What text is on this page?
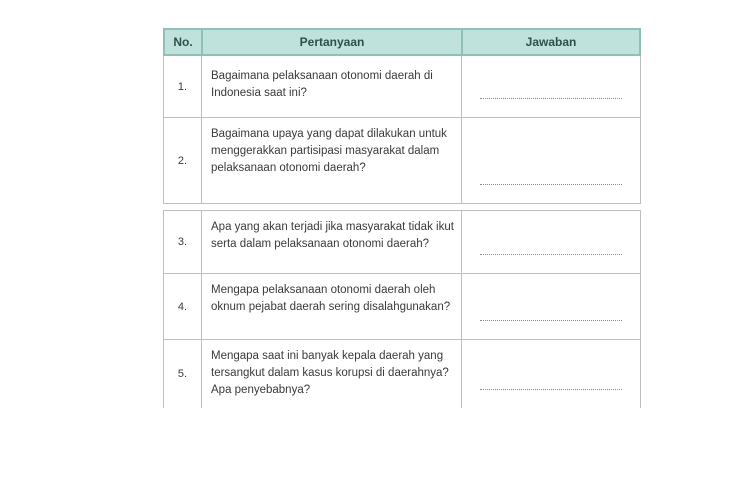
No.	Pertanyaan	Jawaban
1.
Bagaimana pelaksanaan otonomi daerah di Indonesia saat ini?
2.
Bagaimana upaya yang dapat dilakukan untuk menggerakkan partisipasi masyarakat dalam pelaksanaan otonomi daerah?
3.
Apa yang akan terjadi jika masyarakat tidak ikut serta dalam pelaksanaan otonomi daerah?
4.
Mengapa pelaksanaan otonomi daerah oleh oknum pejabat daerah sering disalahgunakan?
5.
Mengapa saat ini banyak kepala daerah yang tersangkut dalam kasus korupsi di daerahnya? Apa penyebabnya?
